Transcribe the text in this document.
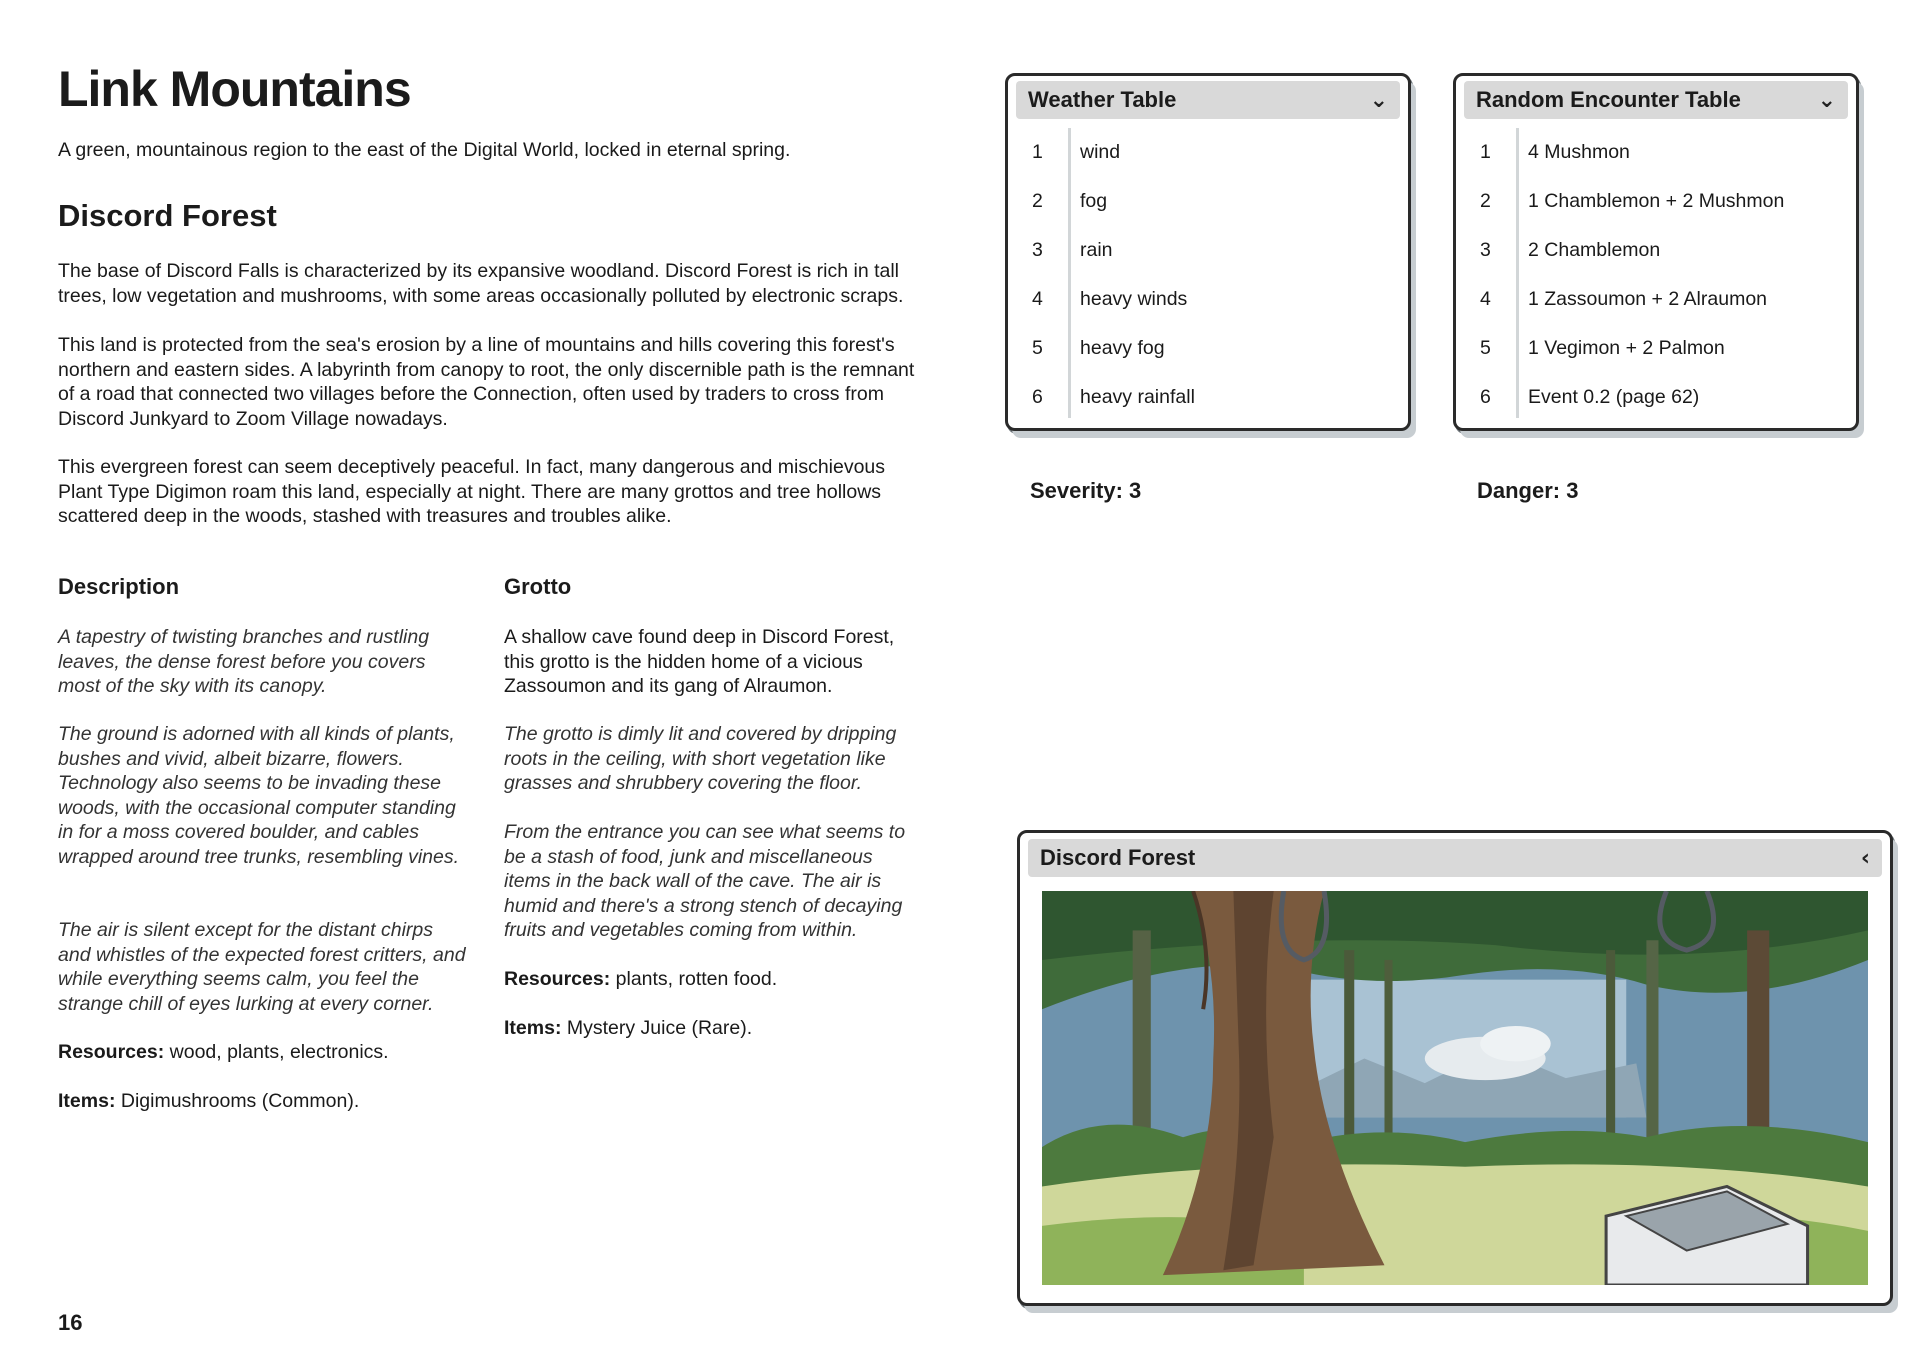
Link Mountains

A green, mountainous region to the east of the Digital World, locked in eternal spring.

Discord Forest

The base of Discord Falls is characterized by its expansive woodland. Discord Forest is rich in tall trees, low vegetation and mushrooms, with some areas occasionally polluted by electronic scraps.

This land is protected from the sea's erosion by a line of mountains and hills covering this forest's northern and eastern sides. A labyrinth from canopy to root, the only discernible path is the remnant of a road that connected two villages before the Connection, often used by traders to cross from Discord Junkyard to Zoom Village nowadays.

This evergreen forest can seem deceptively peaceful. In fact, many dangerous and mischievous Plant Type Digimon roam this land, especially at night. There are many grottos and tree hollows scattered deep in the woods, stashed with treasures and troubles alike.

Description

A tapestry of twisting branches and rustling leaves, the dense forest before you covers most of the sky with its canopy.

The ground is adorned with all kinds of plants, bushes and vivid, albeit bizarre, flowers. Technology also seems to be invading these woods, with the occasional computer standing in for a moss covered boulder, and cables wrapped around tree trunks, resembling vines.

The air is silent except for the distant chirps and whistles of the expected forest critters, and while everything seems calm, you feel the strange chill of eyes lurking at every corner.

Resources: wood, plants, electronics.

Items: Digimushrooms (Common).

Grotto

A shallow cave found deep in Discord Forest, this grotto is the hidden home of a vicious Zassoumon and its gang of Alraumon.

The grotto is dimly lit and covered by dripping roots in the ceiling, with short vegetation like grasses and shrubbery covering the floor.

From the entrance you can see what seems to be a stash of food, junk and miscellaneous items in the back wall of the cave. The air is humid and there's a strong stench of decaying fruits and vegetables coming from within.

Resources: plants, rotten food.

Items: Mystery Juice (Rare).

16
Weather Table	⌄
1	wind
2	fog
3	rain
4	heavy winds
5	heavy fog
6	heavy rainfall
Severity: 3
Random Encounter Table	⌄
1	4 Mushmon
2	1 Chamblemon + 2 Mushmon
3	2 Chamblemon
4	1 Zassoumon + 2 Alraumon
5	1 Vegimon + 2 Palmon
6	Event 0.2 (page 62)
Danger: 3
Discord Forest	‹
